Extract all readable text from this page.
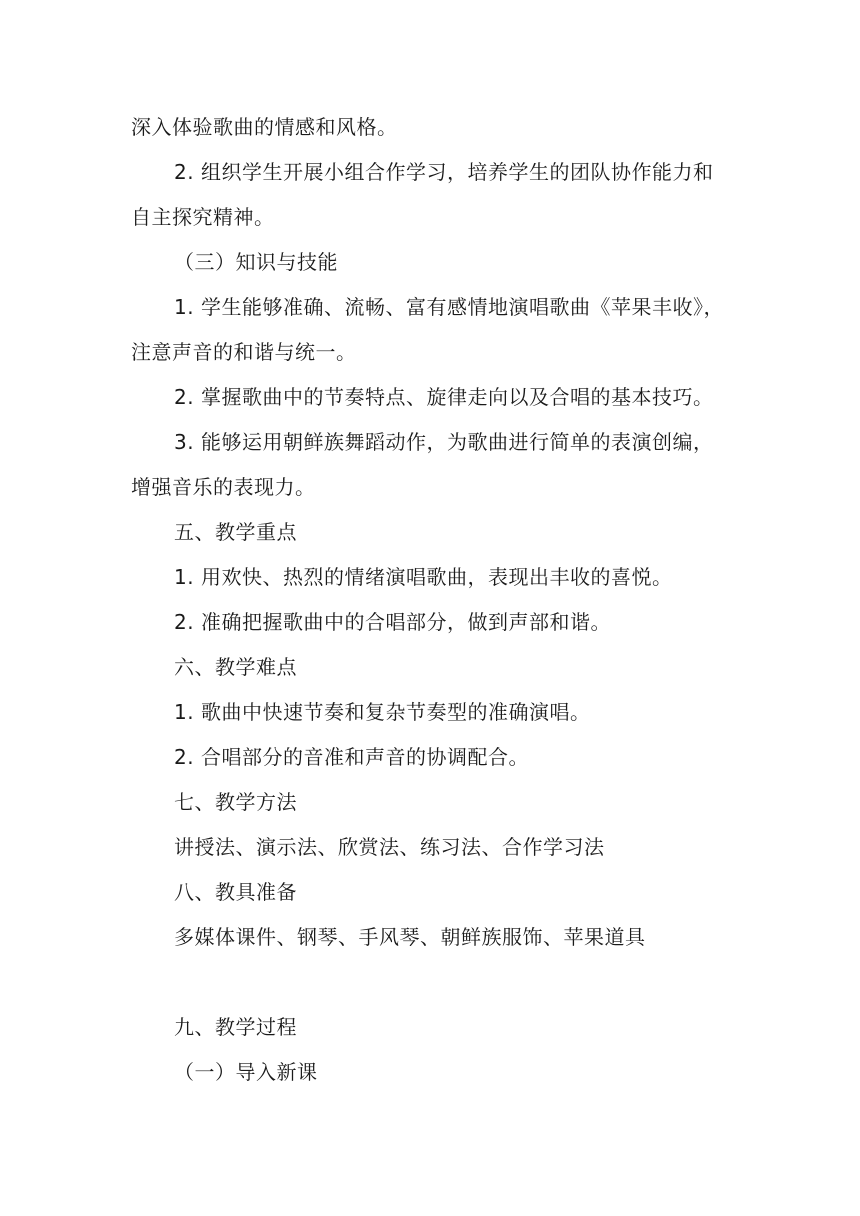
深入体验歌曲的情感和风格。
2. 组织学生开展小组合作学习，培养学生的团队协作能力和
自主探究精神。
（三）知识与技能
1. 学生能够准确、流畅、富有感情地演唱歌曲《苹果丰收》，
注意声音的和谐与统一。
2. 掌握歌曲中的节奏特点、旋律走向以及合唱的基本技巧。
3. 能够运用朝鲜族舞蹈动作，为歌曲进行简单的表演创编，
增强音乐的表现力。
五、教学重点
1. 用欢快、热烈的情绪演唱歌曲，表现出丰收的喜悦。
2. 准确把握歌曲中的合唱部分，做到声部和谐。
六、教学难点
1. 歌曲中快速节奏和复杂节奏型的准确演唱。
2. 合唱部分的音准和声音的协调配合。
七、教学方法
讲授法、演示法、欣赏法、练习法、合作学习法
八、教具准备
多媒体课件、钢琴、手风琴、朝鲜族服饰、苹果道具
九、教学过程
（一）导入新课
